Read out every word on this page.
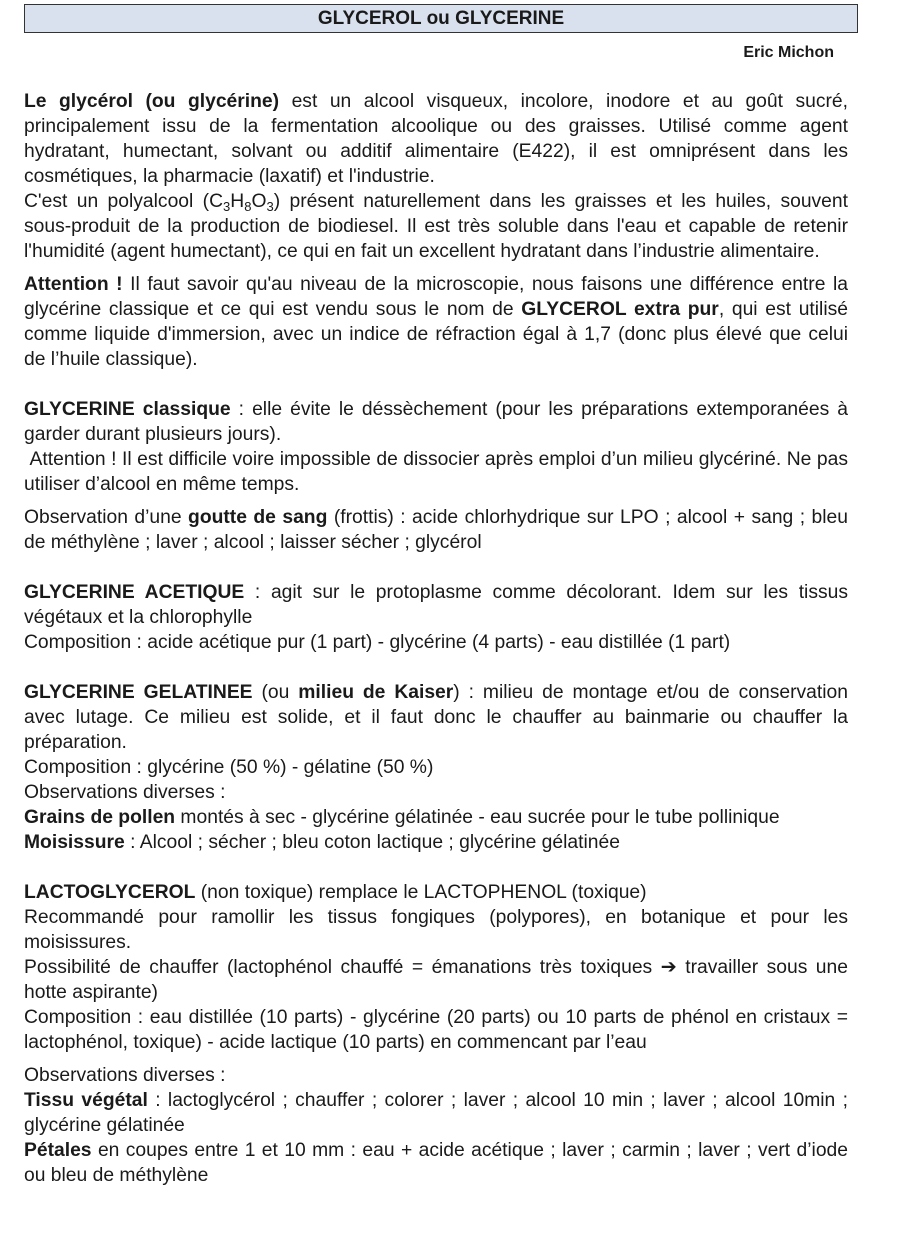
GLYCEROL ou GLYCERINE
Eric Michon

Le glycérol (ou glycérine) est un alcool visqueux, incolore, inodore et au goût sucré, principalement issu de la fermentation alcoolique ou des graisses. Utilisé comme agent hydratant, humectant, solvant ou additif alimentaire (E422), il est omniprésent dans les cosmétiques, la pharmacie (laxatif) et l'industrie.

C'est un polyalcool $(C_3H_8O_3)$ présent naturellement dans les graisses et les huiles, souvent sous-produit de la production de biodiesel. Il est très soluble dans l'eau et capable de retenir l'humidité (agent humectant), ce qui en fait un excellent hydratant dans l’industrie alimentaire.

Attention ! Il faut savoir qu'au niveau de la microscopie, nous faisons une différence entre la glycérine classique et ce qui est vendu sous le nom de GLYCEROL extra pur, qui est utilisé comme liquide d'immersion, avec un indice de réfraction égal à 1,7 (donc plus élevé que celui de l’huile classique).

GLYCERINE classique : elle évite le déssèchement (pour les préparations extemporanées à garder durant plusieurs jours).

Attention ! Il est difficile voire impossible de dissocier après emploi d’un milieu glycériné. Ne pas utiliser d’alcool en même temps.

Observation d’une goutte de sang (frottis) : acide chlorhydrique sur LPO ; alcool + sang ; bleu de méthylène ; laver ; alcool ; laisser sécher ; glycérol

GLYCERINE ACETIQUE : agit sur le protoplasme comme décolorant. Idem sur les tissus végétaux et la chlorophylle

Composition : acide acétique pur (1 part) - glycérine (4 parts) - eau distillée (1 part)

GLYCERINE GELATINEE (ou milieu de Kaiser) : milieu de montage et/ou de conservation avec lutage. Ce milieu est solide, et il faut donc le chauffer au bainmarie ou chauffer la préparation.

Composition : glycérine (50 %) - gélatine (50 %)

Observations diverses :

Grains de pollen montés à sec - glycérine gélatinée - eau sucrée pour le tube pollinique

Moisissure : Alcool ; sécher ; bleu coton lactique ; glycérine gélatinée

LACTOGLYCEROL (non toxique) remplace le LACTOPHENOL (toxique)

Recommandé pour ramollir les tissus fongiques (polypores), en botanique et pour les moisissures.

Possibilité de chauffer (lactophénol chauffé = émanations très toxiques ➔ travailler sous une hotte aspirante)

Composition : eau distillée (10 parts) - glycérine (20 parts) ou 10 parts de phénol en cristaux = lactophénol, toxique) - acide lactique (10 parts) en commencant par l’eau

Observations diverses :

Tissu végétal : lactoglycérol ; chauffer ; colorer ; laver ; alcool 10 min ; laver ; alcool 10min ; glycérine gélatinée

Pétales en coupes entre 1 et 10 mm : eau + acide acétique ; laver ; carmin ; laver ; vert d’iode ou bleu de méthylène
